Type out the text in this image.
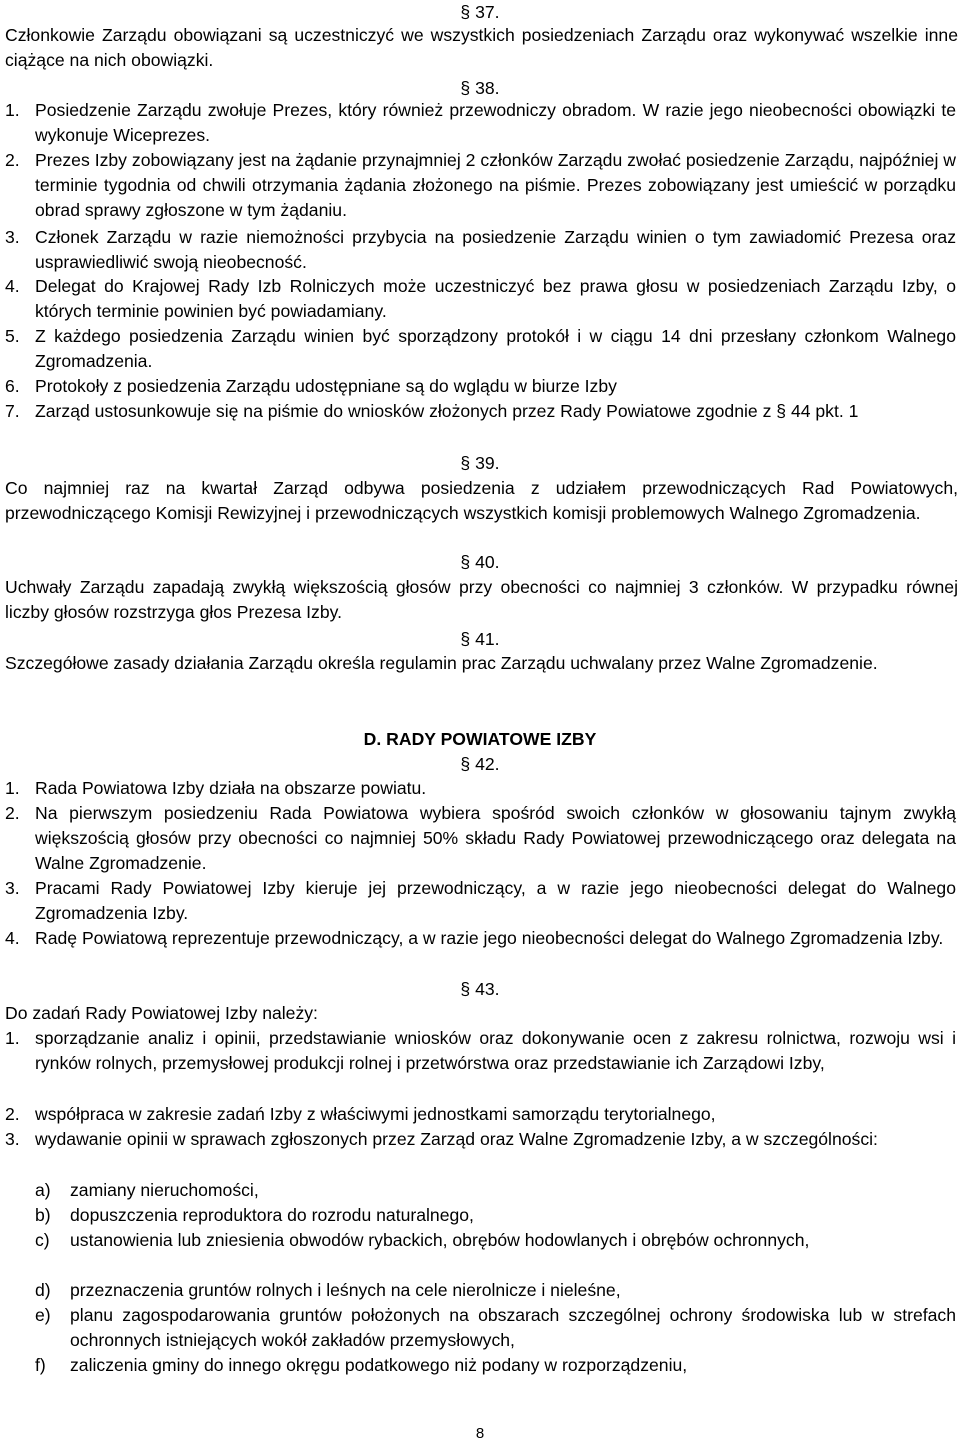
§ 37.
Członkowie Zarządu obowiązani są uczestniczyć we wszystkich posiedzeniach Zarządu oraz wykonywać wszelkie inne ciążące na nich obowiązki.
§ 38.
1. Posiedzenie Zarządu zwołuje Prezes, który również przewodniczy obradom. W razie jego nieobecności obowiązki te wykonuje Wiceprezes.
2. Prezes Izby zobowiązany jest na żądanie przynajmniej 2 członków Zarządu zwołać posiedzenie Zarządu, najpóźniej w terminie tygodnia od chwili otrzymania żądania złożonego na piśmie. Prezes zobowiązany jest umieścić w porządku obrad sprawy zgłoszone w tym żądaniu.
3. Członek Zarządu w razie niemożności przybycia na posiedzenie Zarządu winien o tym zawiadomić Prezesa oraz usprawiedliwić swoją nieobecność.
4. Delegat do Krajowej Rady Izb Rolniczych może uczestniczyć bez prawa głosu w posiedzeniach Zarządu Izby, o których terminie powinien być powiadamiany.
5. Z każdego posiedzenia Zarządu winien być sporządzony protokół i w ciągu 14 dni przesłany członkom Walnego Zgromadzenia.
6. Protokoły z posiedzenia Zarządu udostępniane są do wglądu w biurze Izby
7. Zarząd ustosunkowuje się na piśmie do wniosków złożonych przez Rady Powiatowe zgodnie z § 44 pkt. 1
§ 39.
Co najmniej raz na kwartał Zarząd odbywa posiedzenia z udziałem przewodniczących Rad Powiatowych, przewodniczącego Komisji Rewizyjnej i przewodniczących wszystkich komisji problemowych Walnego Zgromadzenia.
§ 40.
Uchwały Zarządu zapadają zwykłą większością głosów przy obecności co najmniej 3 członków. W przypadku równej liczby głosów rozstrzyga głos Prezesa Izby.
§ 41.
Szczegółowe zasady działania Zarządu określa regulamin prac Zarządu uchwalany przez Walne Zgromadzenie.
D. RADY POWIATOWE IZBY
§ 42.
1. Rada Powiatowa Izby działa na obszarze powiatu.
2. Na pierwszym posiedzeniu Rada Powiatowa wybiera spośród swoich członków w głosowaniu tajnym zwykłą większością głosów przy obecności co najmniej 50% składu Rady Powiatowej przewodniczącego oraz delegata na Walne Zgromadzenie.
3. Pracami Rady Powiatowej Izby kieruje jej przewodniczący, a w razie jego nieobecności delegat do Walnego Zgromadzenia Izby.
4. Radę Powiatową reprezentuje przewodniczący, a w razie jego nieobecności delegat do Walnego Zgromadzenia Izby.
§ 43.
Do zadań Rady Powiatowej Izby należy:
1. sporządzanie analiz i opinii, przedstawianie wniosków oraz dokonywanie ocen z zakresu rolnictwa, rozwoju wsi i rynków rolnych, przemysłowej produkcji rolnej i przetwórstwa oraz przedstawianie ich Zarządowi Izby,
2. współpraca w zakresie zadań Izby z właściwymi jednostkami samorządu terytorialnego,
3. wydawanie opinii w sprawach zgłoszonych przez Zarząd oraz Walne Zgromadzenie Izby, a w szczególności:
a) zamiany nieruchomości,
b) dopuszczenia reproduktora do rozrodu naturalnego,
c) ustanowienia lub zniesienia obwodów rybackich, obrębów hodowlanych i obrębów ochronnych,
d) przeznaczenia gruntów rolnych i leśnych na cele nierolnicze i nieleśne,
e) planu zagospodarowania gruntów położonych na obszarach szczególnej ochrony środowiska lub w strefach ochronnych istniejących wokół zakładów przemysłowych,
f) zaliczenia gminy do innego okręgu podatkowego niż podany w rozporządzeniu,
8
